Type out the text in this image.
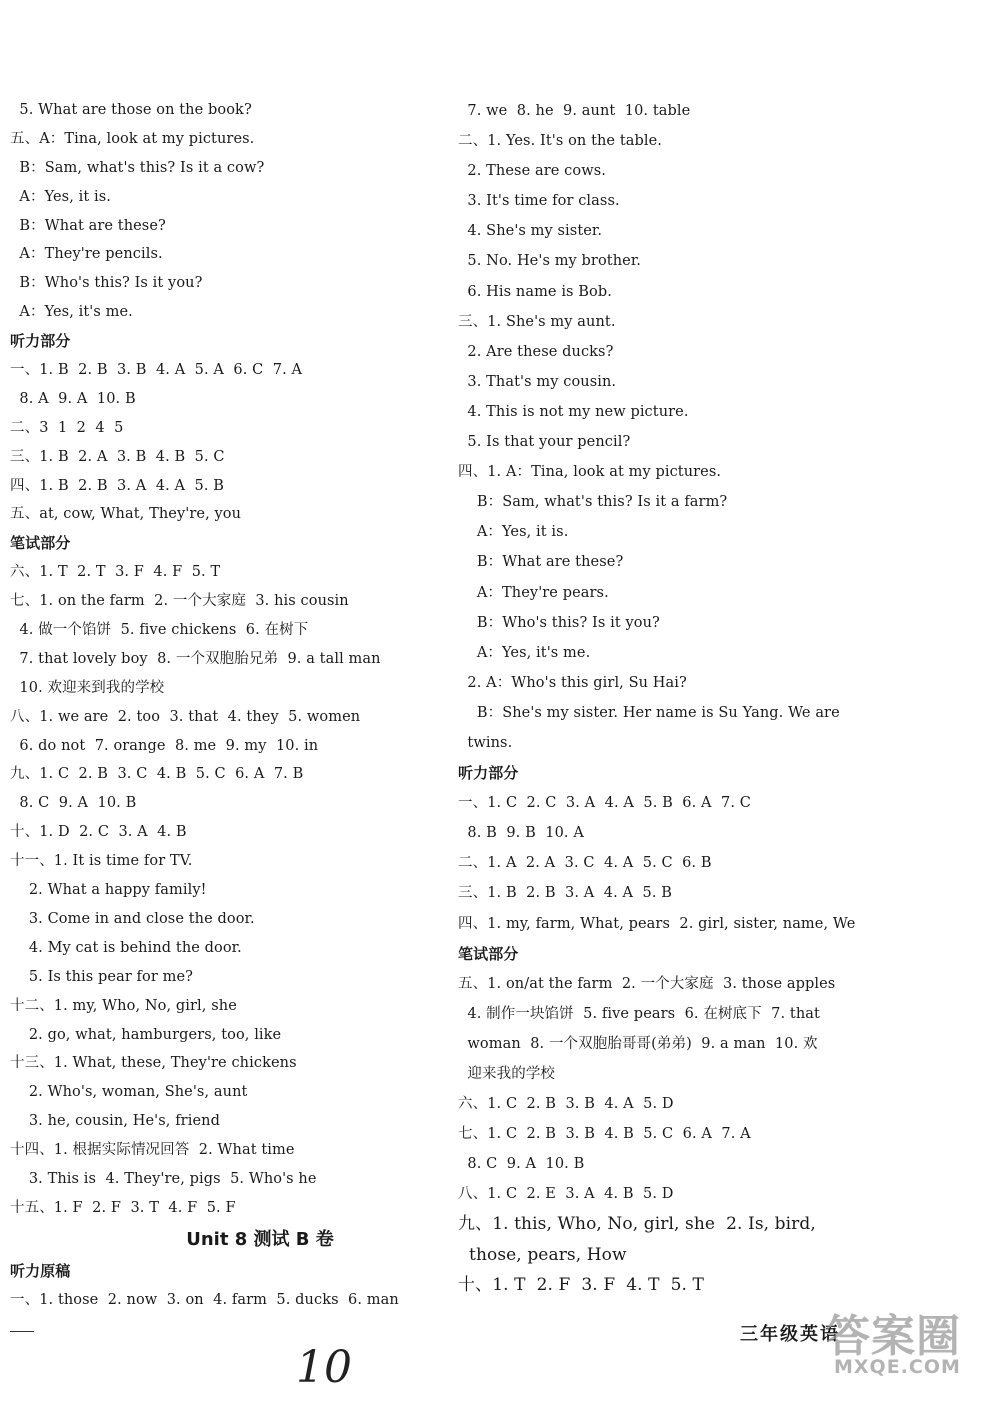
5. What are those on the book?
五、A：Tina, look at my pictures.
B：Sam, what's this? Is it a cow?
A：Yes, it is.
B：What are these?
A：They're pencils.
B：Who's this? Is it you?
A：Yes, it's me.
听力部分
一、1. B  2. B  3. B  4. A  5. A  6. C  7. A
8. A  9. A  10. B
二、3  1  2  4  5
三、1. B  2. A  3. B  4. B  5. C
四、1. B  2. B  3. A  4. A  5. B
五、at, cow, What, They're, you
笔试部分
六、1. T  2. T  3. F  4. F  5. T
七、1. on the farm  2. 一个大家庭  3. his cousin
4. 做一个馅饼  5. five chickens  6. 在树下
7. that lovely boy  8. 一个双胞胎兄弟  9. a tall man
10. 欢迎来到我的学校
八、1. we are  2. too  3. that  4. they  5. women
6. do not  7. orange  8. me  9. my  10. in
九、1. C  2. B  3. C  4. B  5. C  6. A  7. B
8. C  9. A  10. B
十、1. D  2. C  3. A  4. B
十一、1. It is time for TV.
2. What a happy family!
3. Come in and close the door.
4. My cat is behind the door.
5. Is this pear for me?
十二、1. my, Who, No, girl, she
2. go, what, hamburgers, too, like
十三、1. What, these, They're chickens
2. Who's, woman, She's, aunt
3. he, cousin, He's, friend
十四、1. 根据实际情况回答  2. What time
3. This is  4. They're, pigs  5. Who's he
十五、1. F  2. F  3. T  4. F  5. F
Unit 8 测试 B 卷
听力原稿
一、1. those  2. now  3. on  4. farm  5. ducks  6. man
7. we  8. he  9. aunt  10. table
二、1. Yes. It's on the table.
2. These are cows.
3. It's time for class.
4. She's my sister.
5. No. He's my brother.
6. His name is Bob.
三、1. She's my aunt.
2. Are these ducks?
3. That's my cousin.
4. This is not my new picture.
5. Is that your pencil?
四、1. A：Tina, look at my pictures.
B：Sam, what's this? Is it a farm?
A：Yes, it is.
B：What are these?
A：They're pears.
B：Who's this? Is it you?
A：Yes, it's me.
2. A：Who's this girl, Su Hai?
B：She's my sister. Her name is Su Yang. We are
twins.
听力部分
一、1. C  2. C  3. A  4. A  5. B  6. A  7. C
8. B  9. B  10. A
二、1. A  2. A  3. C  4. A  5. C  6. B
三、1. B  2. B  3. A  4. A  5. B
四、1. my, farm, What, pears  2. girl, sister, name, We
笔试部分
五、1. on/at the farm  2. 一个大家庭  3. those apples
4. 制作一块馅饼  5. five pears  6. 在树底下  7. that
woman  8. 一个双胞胎哥哥(弟弟)  9. a man  10. 欢
迎来我的学校
六、1. C  2. B  3. B  4. A  5. D
七、1. C  2. B  3. B  4. B  5. C  6. A  7. A
8. C  9. A  10. B
八、1. C  2. E  3. A  4. B  5. D
九、1. this, Who, No, girl, she  2. Is, bird,
those, pears, How
十、1. T  2. F  3. F  4. T  5. T
10
三年级英语
答案圈
MXQE.COM
